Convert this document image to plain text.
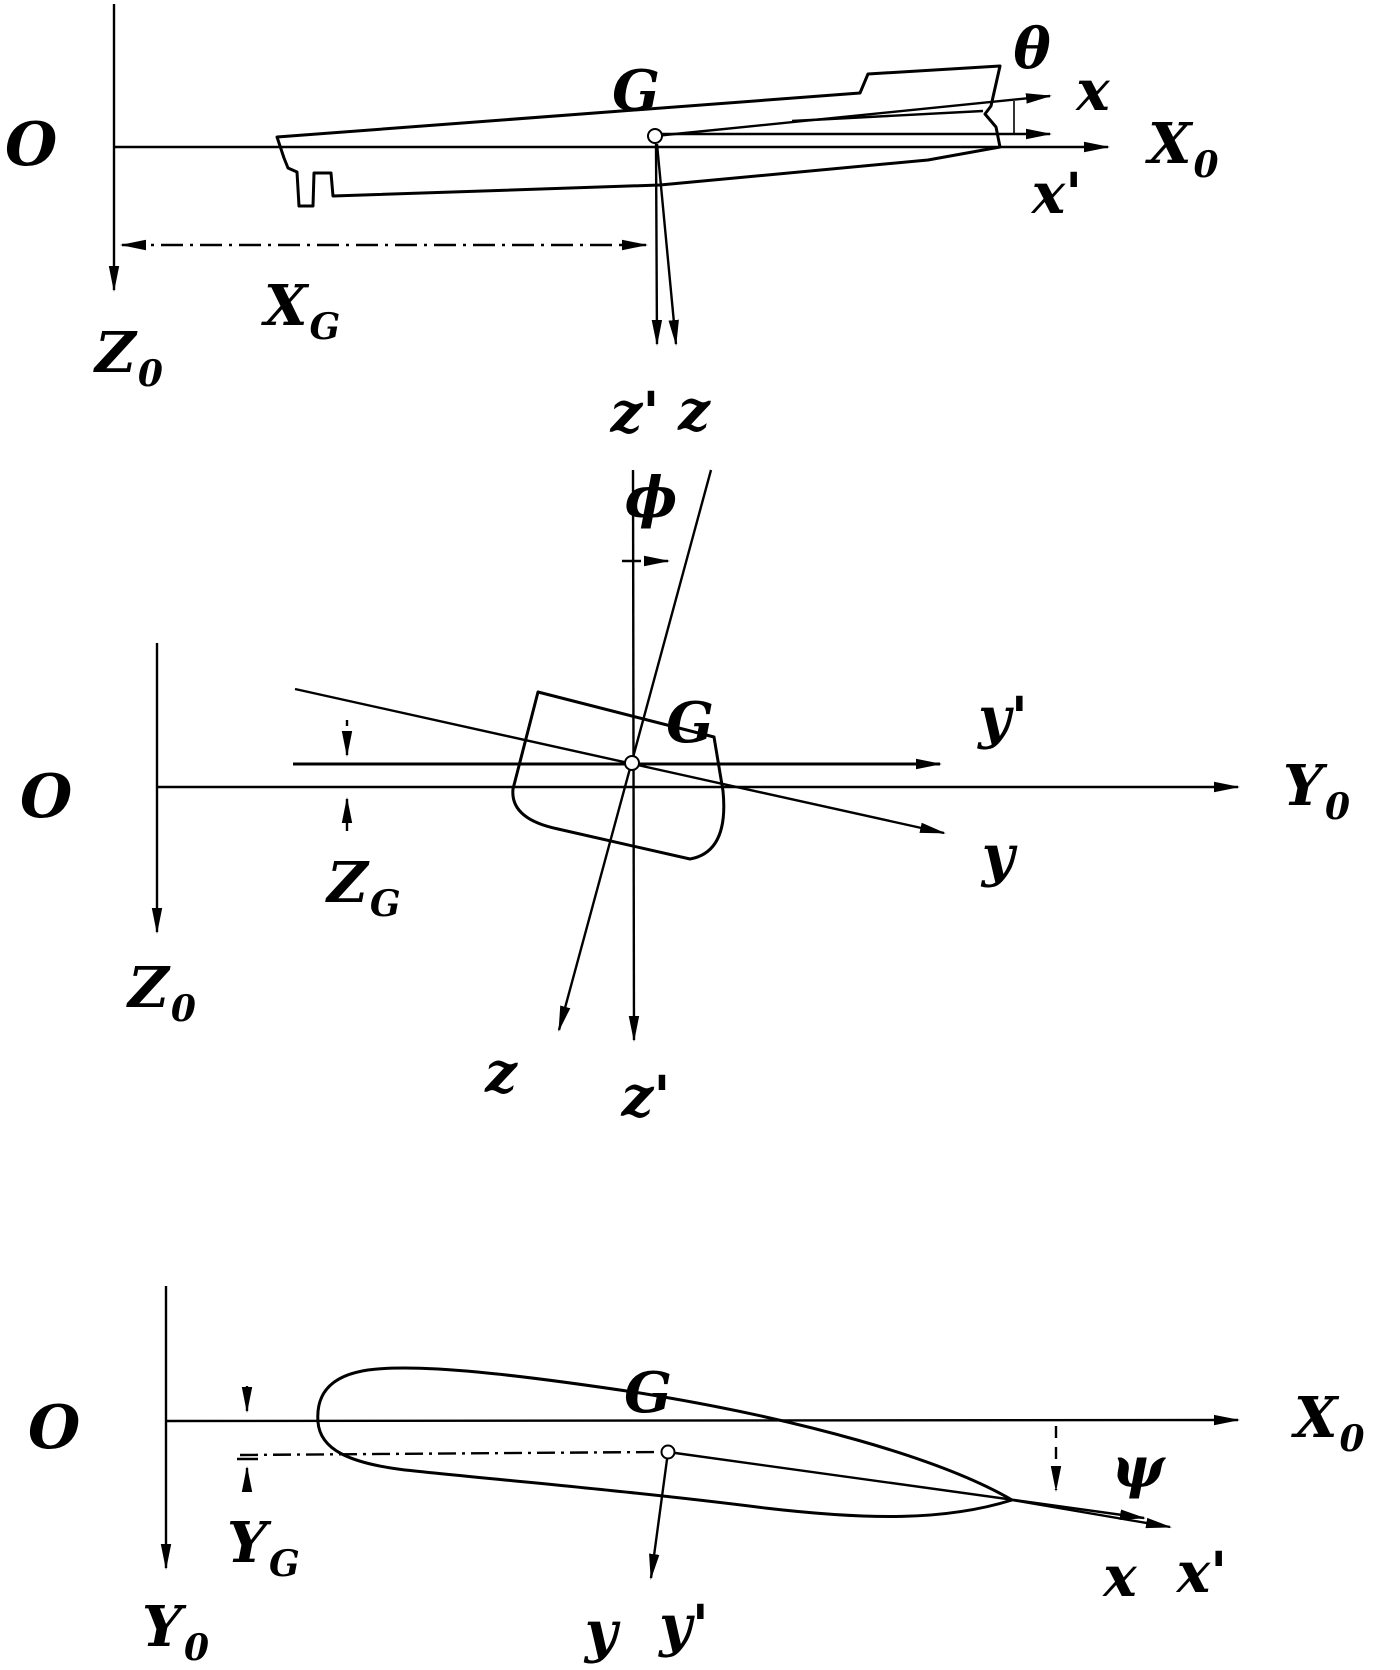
O
$Z_0$
$X_0$
$X_G$
G
θ
x
x'
z' z
O
$Z_0$
$Y_0$
$Z_G$
G
ϕ
y'
y
z z'
O
$Y_0$
$X_0$
$Y_G$
G
ψ
x x'
y y'
